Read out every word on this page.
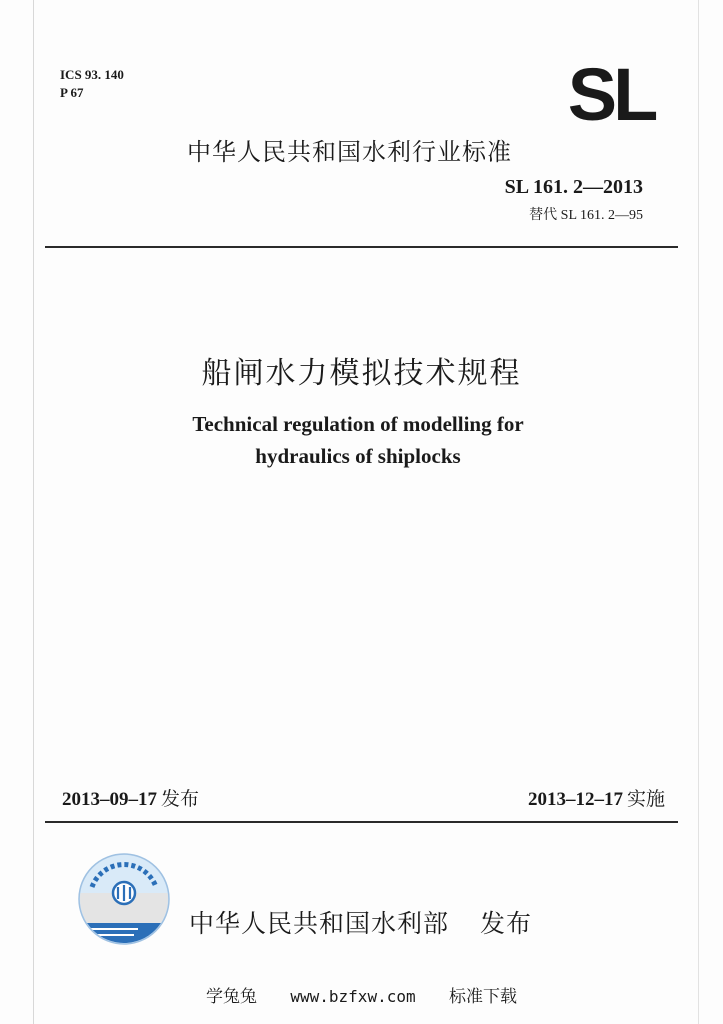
ICS 93. 140
P 67	SL
中华人民共和国水利行业标准
SL 161. 2—2013
替代 SL 161. 2—95
船闸水力模拟技术规程
Technical regulation of modelling for
hydraulics of shiplocks
2013–09–17 发布	2013–12–17 实施
中华人民共和国水利部 发布
学兔兔 www.bzfxw.com 标准下载
